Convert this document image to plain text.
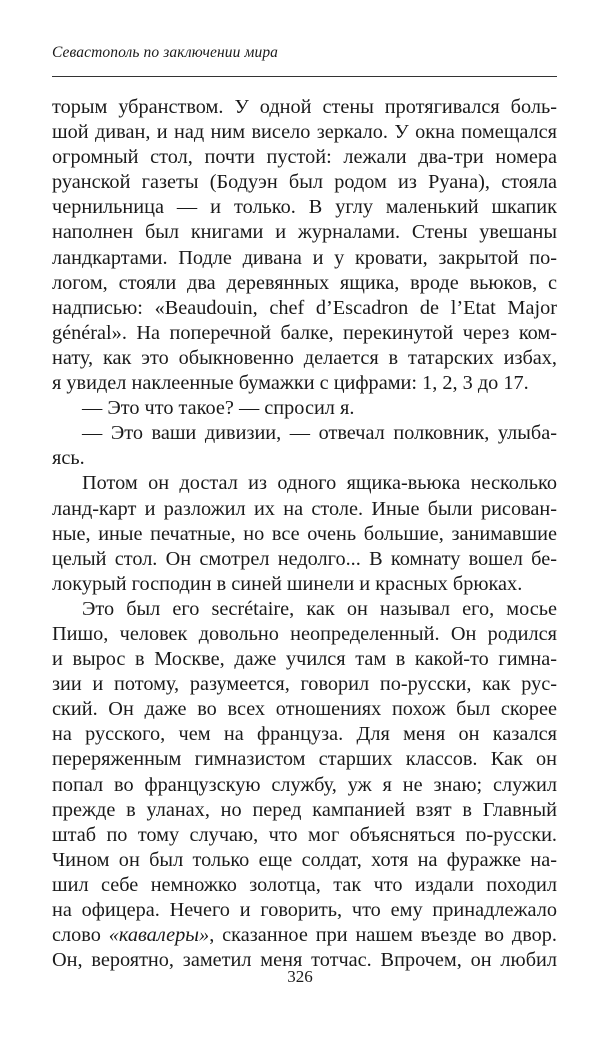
Севастополь по заключении мира
торым убранством. У одной стены протягивался боль-
шой диван, и над ним висело зеркало. У окна помещался
огромный стол, почти пустой: лежали два-три номера
руанской газеты (Бодуэн был родом из Руана), стояла
чернильница — и только. В углу маленький шкапик
наполнен был книгами и журналами. Стены увешаны
ландкартами. Подле дивана и у кровати, закрытой по-
логом, стояли два деревянных ящика, вроде вьюков, с
надписью: «Beaudouin, chef d’Escadron de l’Etat Major
général». На поперечной балке, перекинутой через ком-
нату, как это обыкновенно делается в татарских избах,
я увидел наклеенные бумажки с цифрами: 1, 2, 3 до 17.
— Это что такое? — спросил я.
— Это ваши дивизии, — отвечал полковник, улыба-
ясь.
Потом он достал из одного ящика-вьюка несколько
ланд-карт и разложил их на столе. Иные были рисован-
ные, иные печатные, но все очень большие, занимавшие
целый стол. Он смотрел недолго... В комнату вошел бе-
локурый господин в синей шинели и красных брюках.
Это был его secrétaire, как он называл его, мосье
Пишо, человек довольно неопределенный. Он родился
и вырос в Москве, даже учился там в какой-то гимна-
зии и потому, разумеется, говорил по-русски, как рус-
ский. Он даже во всех отношениях похож был скорее
на русского, чем на француза. Для меня он казался
переряженным гимназистом старших классов. Как он
попал во французскую службу, уж я не знаю; служил
прежде в уланах, но перед кампанией взят в Главный
штаб по тому случаю, что мог объясняться по-русски.
Чином он был только еще солдат, хотя на фуражке на-
шил себе немножко золотца, так что издали походил
на офицера. Нечего и говорить, что ему принадлежало
слово «кавалеры», сказанное при нашем въезде во двор.
Он, вероятно, заметил меня тотчас. Впрочем, он любил
326
